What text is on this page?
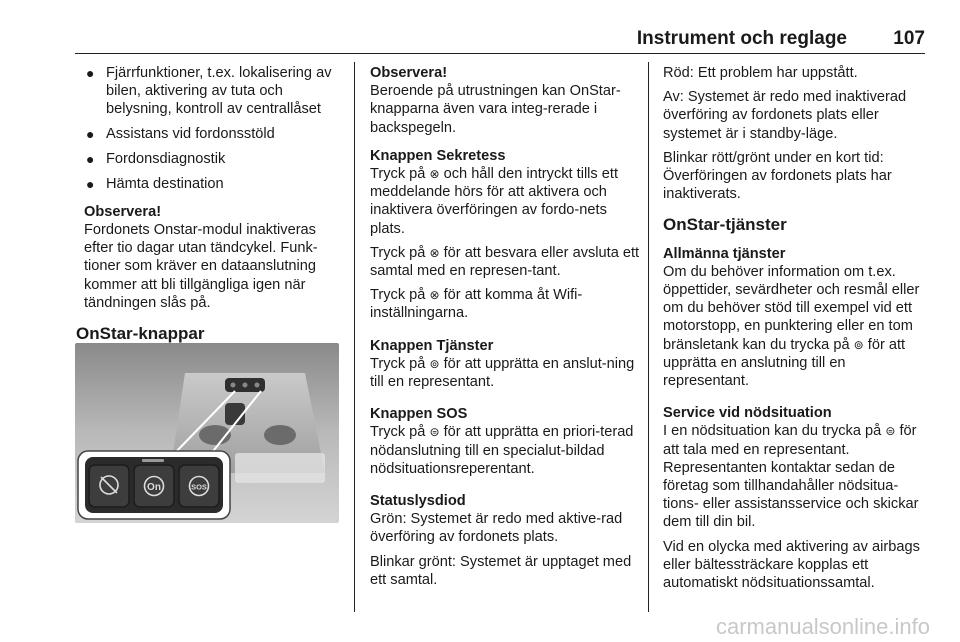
Instrument och reglage 107
● Fjärrfunktioner, t.ex. lokalisering av bilen, aktivering av tuta och belysning, kontroll av centrallåset
● Assistans vid fordonsstöld
● Fordonsdiagnostik
● Hämta destination
Observera!
Fordonets Onstar-modul inaktiveras efter tio dagar utan tändcykel. Funk-tioner som kräver en dataanslutning kommer att bli tillgängliga igen när tändningen slås på.
OnStar-knappar
On	SOS
Observera!
Beroende på utrustningen kan OnStar-knapparna även vara integ-rerade i backspegeln.
Knappen Sekretess
Tryck på ⊗ och håll den intryckt tills ett meddelande hörs för att aktivera och inaktivera överföringen av fordo-nets plats.
Tryck på ⊗ för att besvara eller avsluta ett samtal med en represen-tant.
Tryck på ⊗ för att komma åt Wifi-inställningarna.
Knappen Tjänster
Tryck på ⊚ för att upprätta en anslut-ning till en representant.
Knappen SOS
Tryck på ⊜ för att upprätta en priori-terad nödanslutning till en specialut-bildad nödsituationsreperentant.
Statuslysdiod
Grön: Systemet är redo med aktive-rad överföring av fordonets plats.
Blinkar grönt: Systemet är upptaget med ett samtal.
Röd: Ett problem har uppstått.
Av: Systemet är redo med inaktiverad överföring av fordonets plats eller systemet är i standby-läge.
Blinkar rött/grönt under en kort tid: Överföringen av fordonets plats har inaktiverats.
OnStar-tjänster
Allmänna tjänster
Om du behöver information om t.ex. öppettider, sevärdheter och resmål eller om du behöver stöd till exempel vid ett motorstopp, en punktering eller en tom bränsletank kan du trycka på ⊚ för att upprätta en anslutning till en representant.
Service vid nödsituation
I en nödsituation kan du trycka på ⊜ för att tala med en representant. Representanten kontaktar sedan de företag som tillhandahåller nödsitua-tions- eller assistansservice och skickar dem till din bil.
Vid en olycka med aktivering av airbags eller bältessträckare kopplas ett automatiskt nödsituationssamtal.
carmanualsonline.info
